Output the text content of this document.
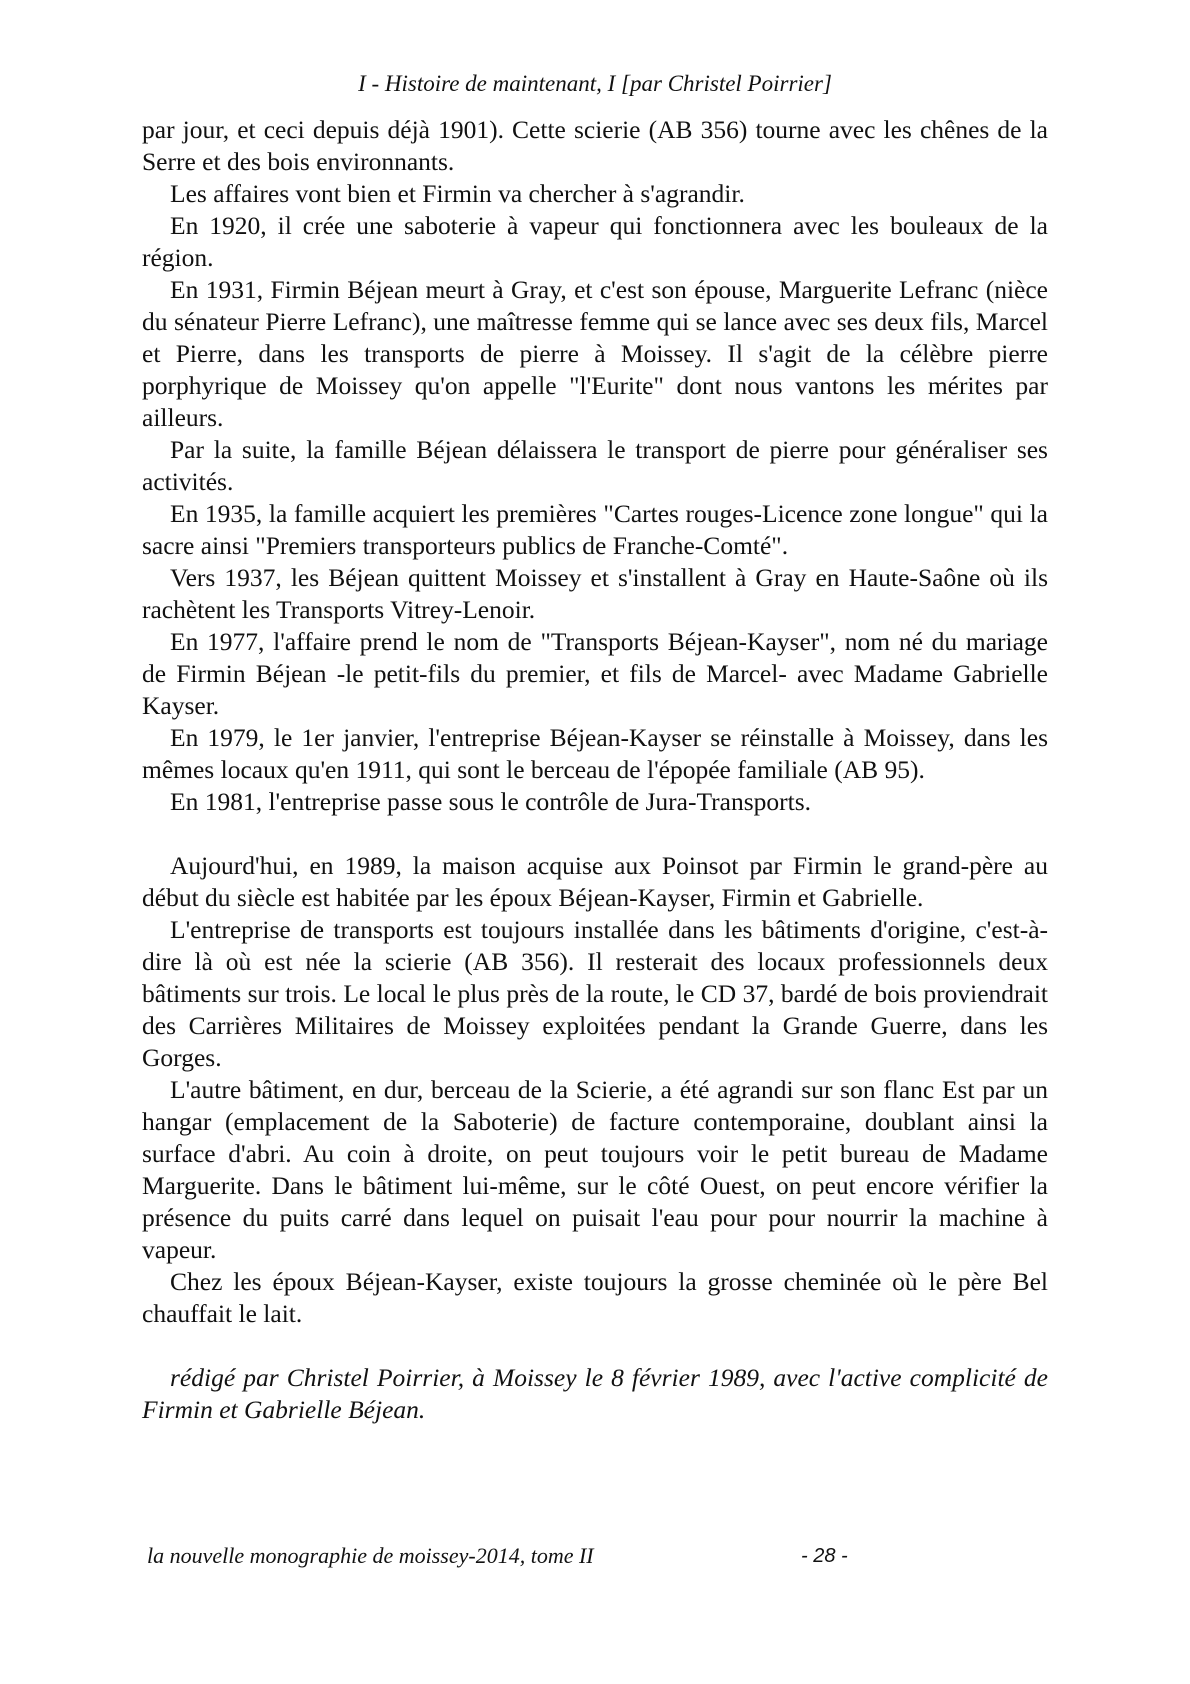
I - Histoire de maintenant, I [par Christel Poirrier]

par jour, et ceci depuis déjà 1901). Cette scierie (AB 356) tourne avec les chênes de la Serre et des bois environnants.

Les affaires vont bien et Firmin va chercher à s'agrandir.

En 1920, il crée une saboterie à vapeur qui fonctionnera avec les bouleaux de la région.

En 1931, Firmin Béjean meurt à Gray, et c'est son épouse, Marguerite Lefranc (nièce du sénateur Pierre Lefranc), une maîtresse femme qui se lance avec ses deux fils, Marcel et Pierre, dans les transports de pierre à Moissey. Il s'agit de la célèbre pierre porphyrique de Moissey qu'on appelle "l'Eurite" dont nous vantons les mérites par ailleurs.

Par la suite, la famille Béjean délaissera le transport de pierre pour généraliser ses activités.

En 1935, la famille acquiert les premières "Cartes rouges-Licence zone longue" qui la sacre ainsi "Premiers transporteurs publics de Franche-Comté".

Vers 1937, les Béjean quittent Moissey et s'installent à Gray en Haute-Saône où ils rachètent les Transports Vitrey-Lenoir.

En 1977, l'affaire prend le nom de "Transports Béjean-Kayser", nom né du mariage de Firmin Béjean -le petit-fils du premier, et fils de Marcel- avec Madame Gabrielle Kayser.

En 1979, le 1er janvier, l'entreprise Béjean-Kayser se réinstalle à Moissey, dans les mêmes locaux qu'en 1911, qui sont le berceau de l'épopée familiale (AB 95).

En 1981, l'entreprise passe sous le contrôle de Jura-Transports.

Aujourd'hui, en 1989, la maison acquise aux Poinsot par Firmin le grand-père au début du siècle est habitée par les époux Béjean-Kayser, Firmin et Gabrielle.

L'entreprise de transports est toujours installée dans les bâtiments d'origine, c'est-à-dire là où est née la scierie (AB 356). Il resterait des locaux professionnels deux bâtiments sur trois. Le local le plus près de la route, le CD 37, bardé de bois proviendrait des Carrières Militaires de Moissey exploitées pendant la Grande Guerre, dans les Gorges.

L'autre bâtiment, en dur, berceau de la Scierie, a été agrandi sur son flanc Est par un hangar (emplacement de la Saboterie) de facture contemporaine, doublant ainsi la surface d'abri. Au coin à droite, on peut toujours voir le petit bureau de Madame Marguerite. Dans le bâtiment lui-même, sur le côté Ouest, on peut encore vérifier la présence du puits carré dans lequel on puisait l'eau pour pour nourrir la machine à vapeur.

Chez les époux Béjean-Kayser, existe toujours la grosse cheminée où le père Bel chauffait le lait.

rédigé par Christel Poirrier, à Moissey le 8 février 1989, avec l'active complicité de Firmin et Gabrielle Béjean.

la nouvelle monographie de moissey-2014, tome II	- 28 -
